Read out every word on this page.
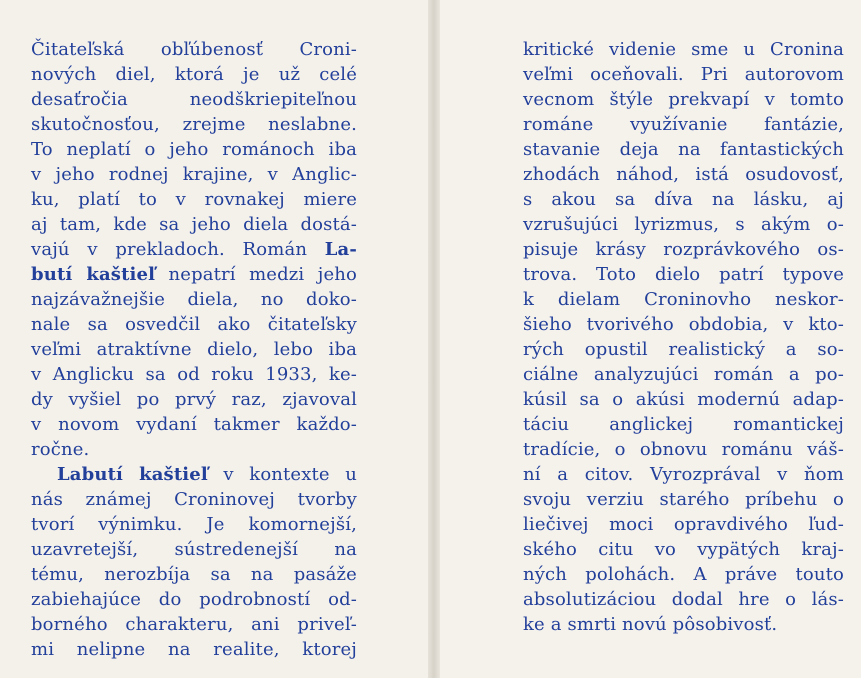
Čitateľská obľúbenosť Croni-
nových diel, ktorá je už celé
desaťročia neodškriepiteľnou
skutočnosťou, zrejme neslabne.
To neplatí o jeho románoch iba
v jeho rodnej krajine, v Anglic-
ku, platí to v rovnakej miere
aj tam, kde sa jeho diela dostá-
vajú v prekladoch. Román La-
butí kaštieľ nepatrí medzi jeho
najzávažnejšie diela, no doko-
nale sa osvedčil ako čitateľsky
veľmi atraktívne dielo, lebo iba
v Anglicku sa od roku 1933, ke-
dy vyšiel po prvý raz, zjavoval
v novom vydaní takmer každo-
ročne.
Labutí kaštieľ v kontexte u
nás známej Croninovej tvorby
tvorí výnimku. Je komornejší,
uzavretejší, sústredenejší na
tému, nerozbíja sa na pasáže
zabiehajúce do podrobností od-
borného charakteru, ani priveľ-
mi nelipne na realite, ktorej
kritické videnie sme u Cronina
veľmi oceňovali. Pri autorovom
vecnom štýle prekvapí v tomto
románe využívanie fantázie,
stavanie deja na fantastických
zhodách náhod, istá osudovosť,
s akou sa díva na lásku, aj
vzrušujúci lyrizmus, s akým o-
pisuje krásy rozprávkového os-
trova. Toto dielo patrí typove
k dielam Croninovho neskor-
šieho tvorivého obdobia, v kto-
rých opustil realistický a so-
ciálne analyzujúci román a po-
kúsil sa o akúsi modernú adap-
táciu anglickej romantickej
tradície, o obnovu románu váš-
ní a citov. Vyrozprával v ňom
svoju verziu starého príbehu o
liečivej moci opravdivého ľud-
ského citu vo vypätých kraj-
ných polohách. A práve touto
absolutizáciou dodal hre o lás-
ke a smrti novú pôsobivosť.
